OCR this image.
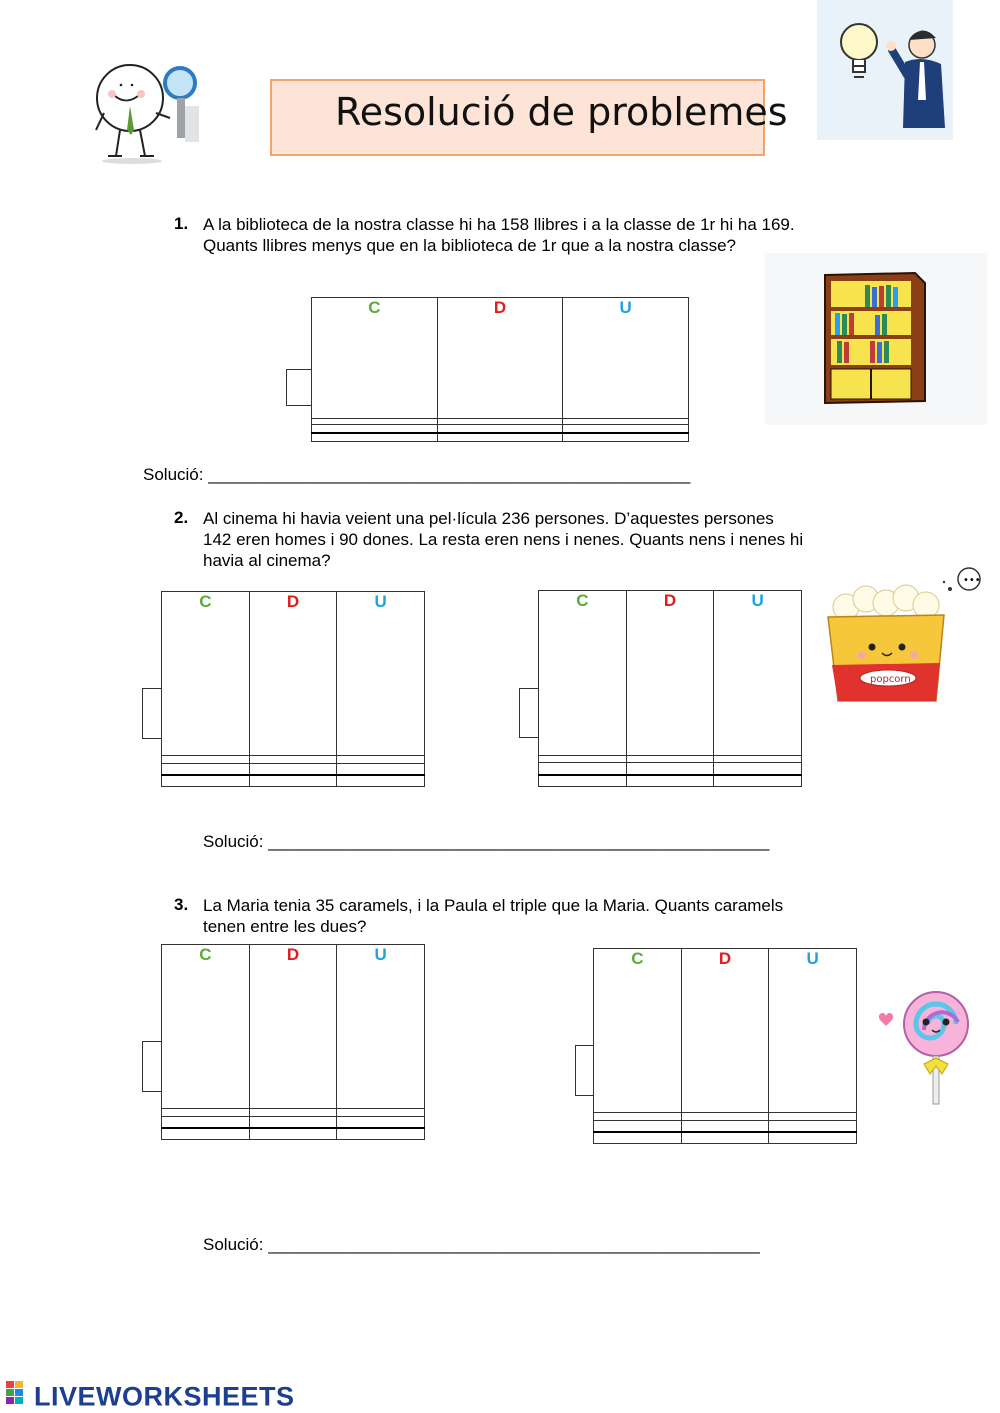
Resolució de problemes
1. A la biblioteca de la nostra classe hi ha 158 llibres i a la classe de 1r hi ha 169.
Quants llibres menys que en la biblioteca de 1r que a la nostra classe?
C	D	U

Solució: ___________________________________________________
2. Al cinema hi havia veient una pel·lícula 236 persones. D’aquestes persones
142 eren homes i 90 dones. La resta eren nens i nenes. Quants nens i nenes hi
havia al cinema?
C	D	U

			C	D	U

•••
popcorn
Solució: _____________________________________________________
3. La Maria tenia 35 caramels, i la Paula el triple que la Maria. Quants caramels
tenen entre les dues?
C	D	U

			C	D	U

Solució: ____________________________________________________
LIVEWORKSHEETS
